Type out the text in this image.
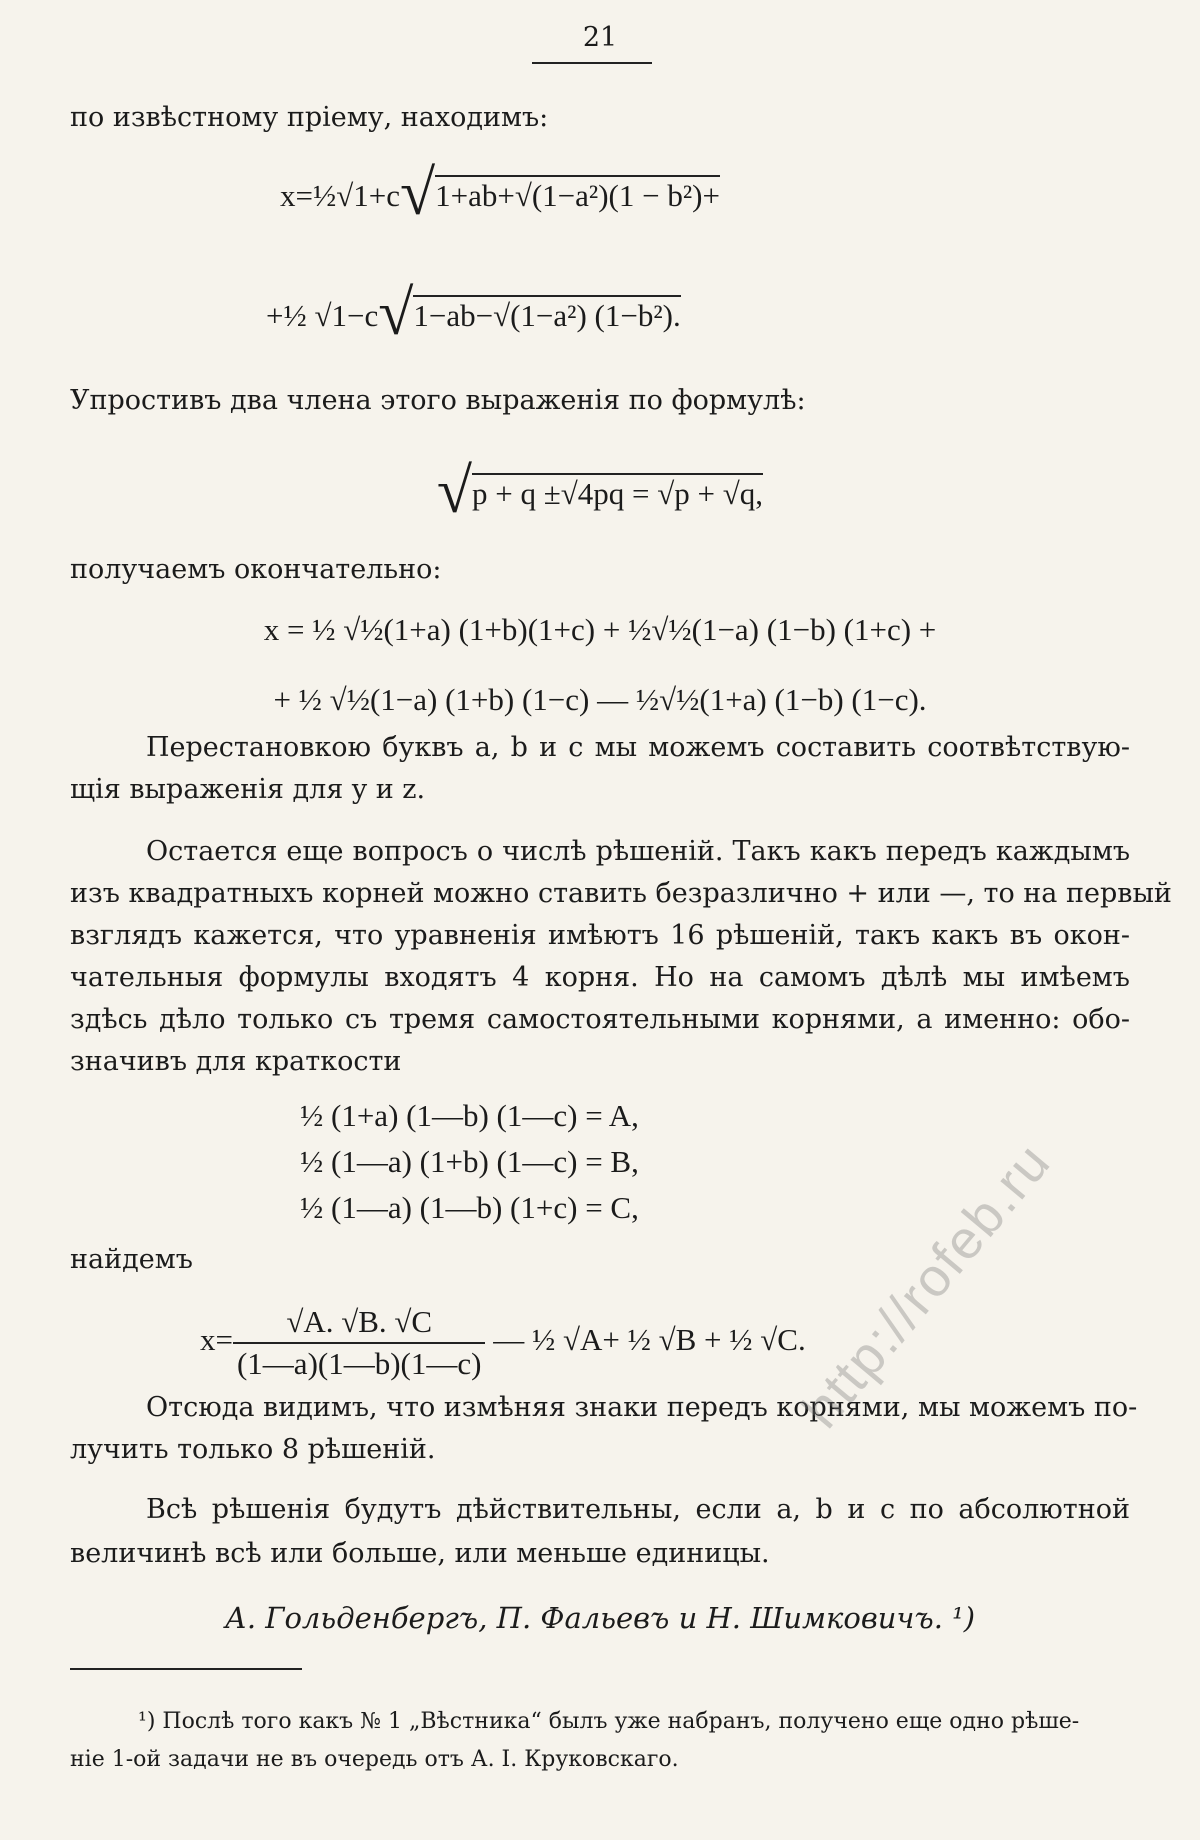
21
по извѣстному пріему, находимъ:
x=½√1+c√1+ab+√(1−a²)(1 − b²)+
+½ √1−c√1−ab−√(1−a²) (1−b²).
Упростивъ два члена этого выраженія по формулѣ:
√p + q ±√4pq = √p + √q,
получаемъ окончательно:
x = ½ √½(1+a) (1+b)(1+c) + ½√½(1−a) (1−b) (1+c) +
+ ½ √½(1−a) (1+b) (1−c) — ½√½(1+a) (1−b) (1−c).
Перестановкою буквъ a, b и c мы можемъ составить соотвѣтствую-
щія выраженія для y и z.
Остается еще вопросъ о числѣ рѣшеній. Такъ какъ передъ каждымъ
изъ квадратныхъ корней можно ставить безразлично + или —, то на первый
взглядъ кажется, что уравненія имѣютъ 16 рѣшеній, такъ какъ въ окон-
чательныя формулы входятъ 4 корня. Но на самомъ дѣлѣ мы имѣемъ
здѣсь дѣло только съ тремя самостоятельными корнями, а именно: обо-
значивъ для краткости
½ (1+a) (1—b) (1—c) = A,
½ (1—a) (1+b) (1—c) = B,
½ (1—a) (1—b) (1+c) = C,
найдемъ
$x= \frac{√A. √B. √C}{(1—a)(1—b)(1—c)}$ — ½ √A+ ½ √B + ½ √C.
Отсюда видимъ, что измѣняя знаки передъ корнями, мы можемъ по-
лучить только 8 рѣшеній.
Всѣ рѣшенія будутъ дѣйствительны, если a, b и c по абсолютной
величинѣ всѣ или больше, или меньше единицы.
А. Гольденбергъ, П. Фальевъ и Н. Шимковичъ. ¹)
¹) Послѣ того какъ № 1 „Вѣстника“ былъ уже набранъ, получено еще одно рѣше-
ніе 1-ой задачи не въ очередь отъ А. І. Круковскаго.
http://rofeb.ru
